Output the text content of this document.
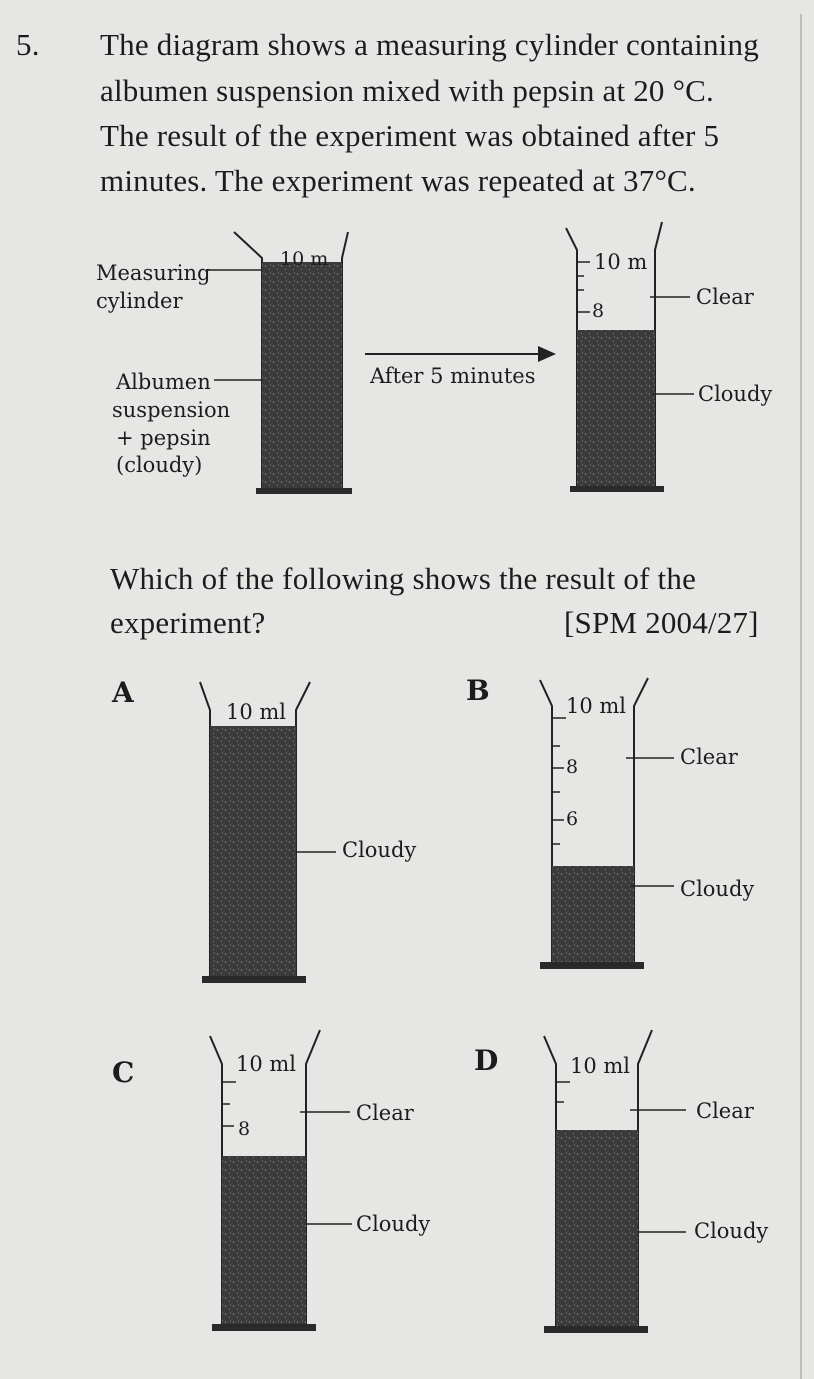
5. The diagram shows a measuring cylinder containing
albumen suspension mixed with pepsin at 20 °C.
The result of the experiment was obtained after 5
minutes. The experiment was repeated at 37°C.
Measuring
cylinder
Albumen
suspension
+ pepsin
(cloudy)
10 m
After 5 minutes
10 m
8
Clear
Cloudy
Which of the following shows the result of the
experiment?	[SPM 2004/27]
A
10 ml
Cloudy
B	10 ml
8
6
Clear
Cloudy
C	10 ml
8
Clear
Cloudy
D	10 ml
Clear
Cloudy
